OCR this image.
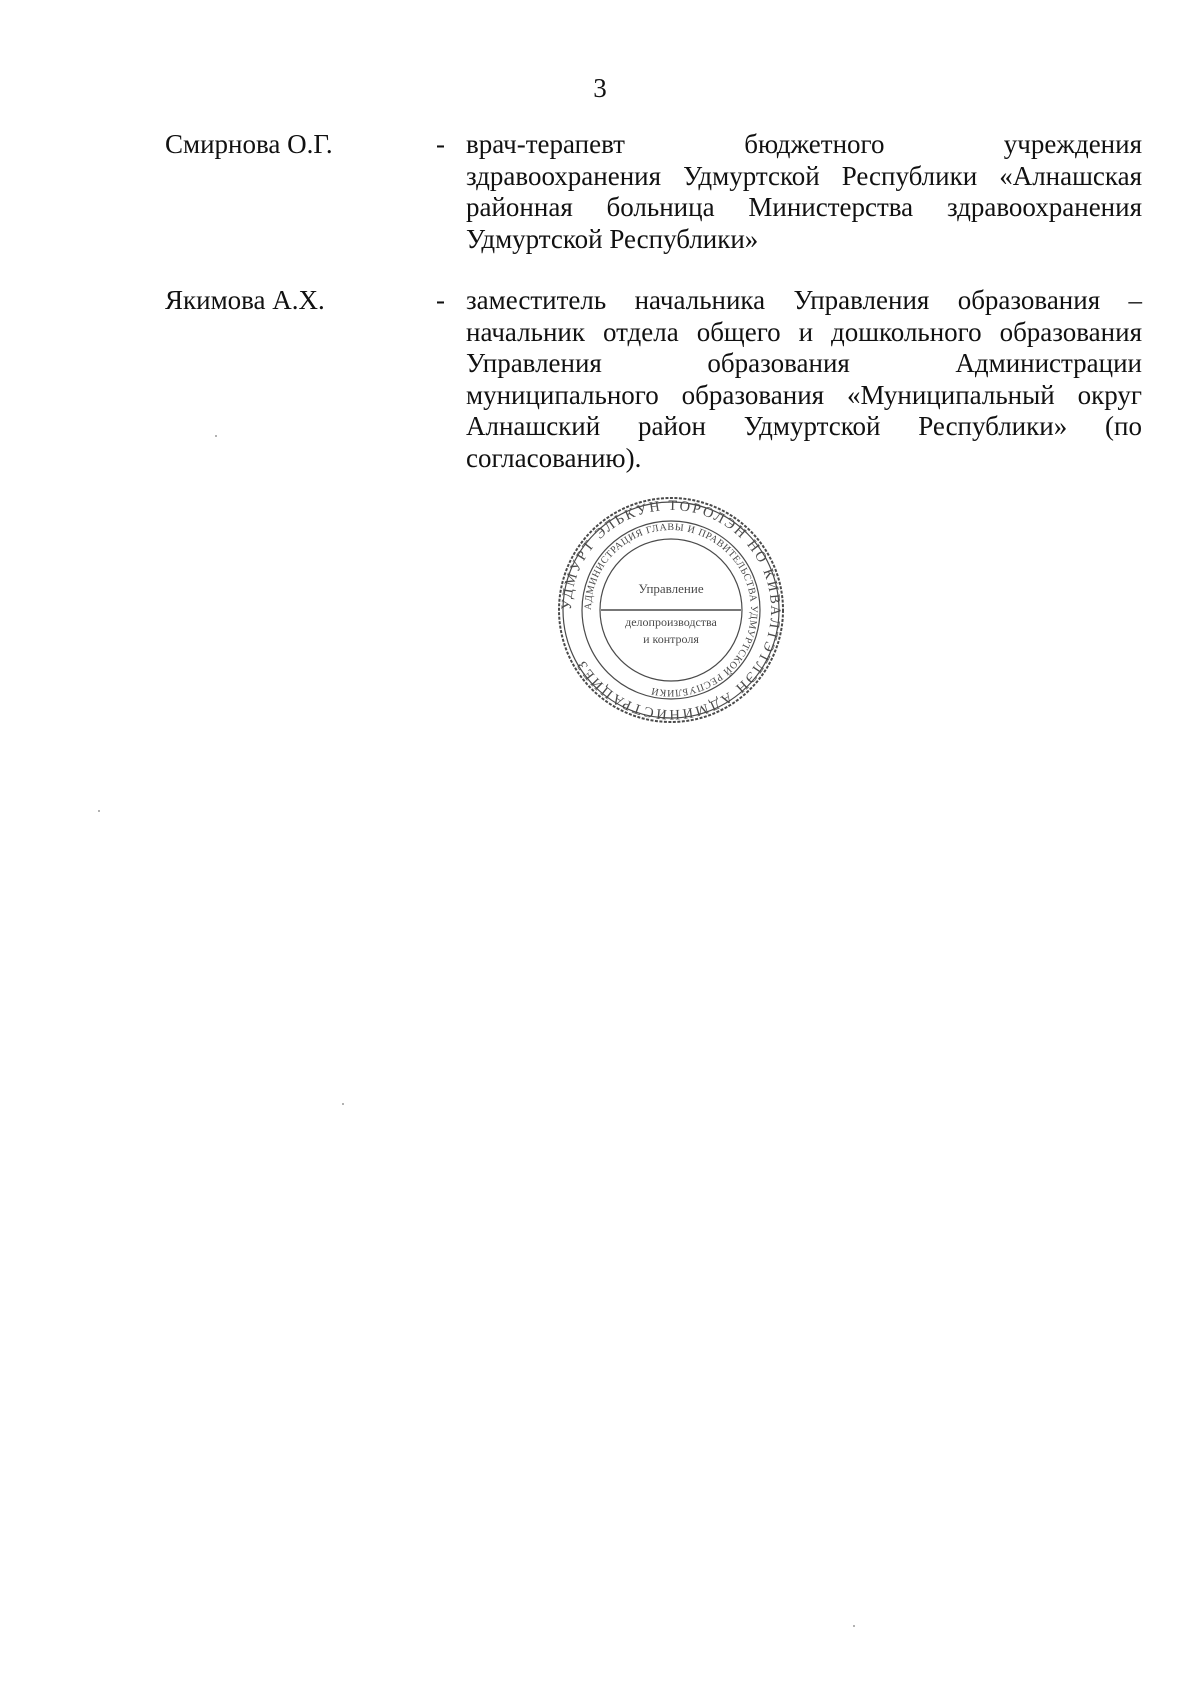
3
Смирнова О.Г.	- врач-терапевт бюджетного учреждения
здравоохранения Удмуртской Республики «Алнашская
районная больница Министерства здравоохранения
Удмуртской Республики»
Якимова А.Х.	- заместитель начальника Управления образования –
начальник отдела общего и дошкольного образования
Управления образования Администрации
муниципального образования «Муниципальный округ
Алнашский район Удмуртской Республики» (по
согласованию).
УДМУРТ ЭЛЬКУН ТОРОЛЭН НО КИВАЛТЭТЛЭН АДМИНИСТРАЦИЕЗ
АДМИНИСТРАЦИЯ ГЛАВЫ И ПРАВИТЕЛЬСТВА УДМУРТСКОЙ РЕСПУБЛИКИ
Управление
делопроизводства
и контроля
